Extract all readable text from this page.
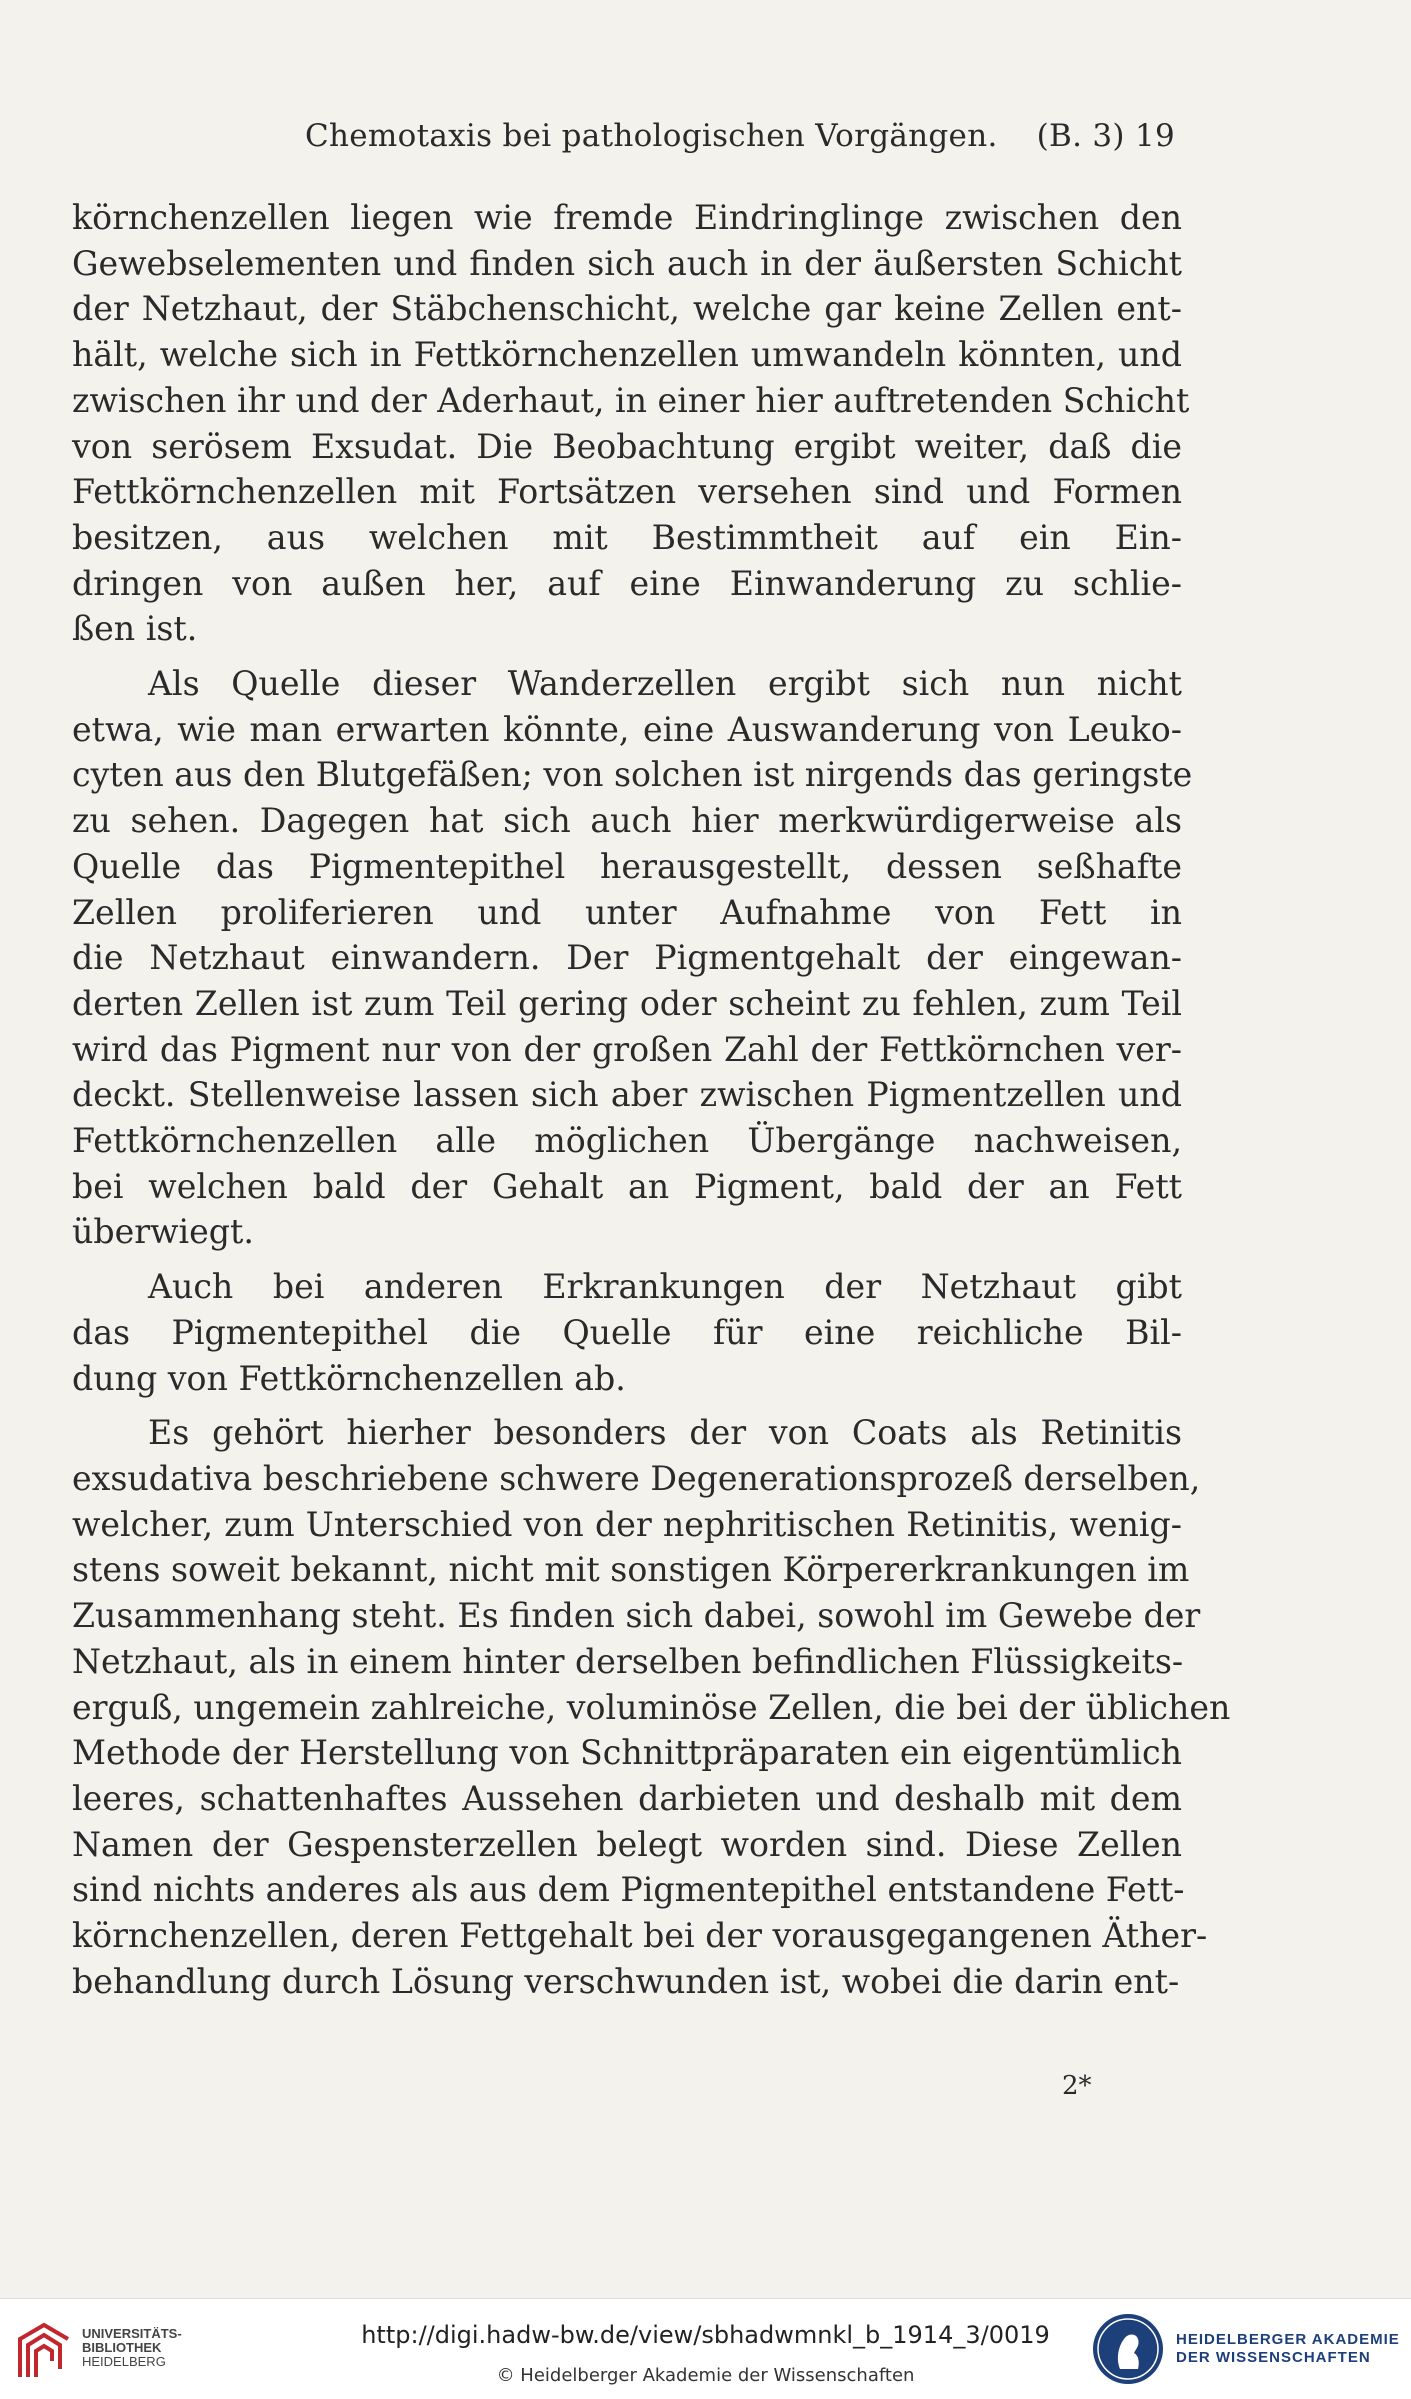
Chemotaxis bei pathologischen Vorgängen. (B. 3) 19

körnchenzellen liegen wie fremde Eindringlinge zwischen den
Gewebselementen und finden sich auch in der äußersten Schicht
der Netzhaut, der Stäbchenschicht, welche gar keine Zellen ent-
hält, welche sich in Fettkörnchenzellen umwandeln könnten, und
zwischen ihr und der Aderhaut, in einer hier auftretenden Schicht
von serösem Exsudat. Die Beobachtung ergibt weiter, daß die
Fettkörnchenzellen mit Fortsätzen versehen sind und Formen
besitzen, aus welchen mit Bestimmtheit auf ein Ein-
dringen von außen her, auf eine Einwanderung zu schlie-
ßen ist.

Als Quelle dieser Wanderzellen ergibt sich nun nicht
etwa, wie man erwarten könnte, eine Auswanderung von Leuko-
cyten aus den Blutgefäßen; von solchen ist nirgends das geringste
zu sehen. Dagegen hat sich auch hier merkwürdigerweise als
Quelle das Pigmentepithel herausgestellt, dessen seßhafte
Zellen proliferieren und unter Aufnahme von Fett in
die Netzhaut einwandern. Der Pigmentgehalt der eingewan-
derten Zellen ist zum Teil gering oder scheint zu fehlen, zum Teil
wird das Pigment nur von der großen Zahl der Fettkörnchen ver-
deckt. Stellenweise lassen sich aber zwischen Pigmentzellen und
Fettkörnchenzellen alle möglichen Übergänge nachweisen,
bei welchen bald der Gehalt an Pigment, bald der an Fett
überwiegt.

Auch bei anderen Erkrankungen der Netzhaut gibt
das Pigmentepithel die Quelle für eine reichliche Bil-
dung von Fettkörnchenzellen ab.

Es gehört hierher besonders der von Coats als Retinitis
exsudativa beschriebene schwere Degenerationsprozeß derselben,
welcher, zum Unterschied von der nephritischen Retinitis, wenig-
stens soweit bekannt, nicht mit sonstigen Körpererkrankungen im
Zusammenhang steht. Es finden sich dabei, sowohl im Gewebe der
Netzhaut, als in einem hinter derselben befindlichen Flüssigkeits-
erguß, ungemein zahlreiche, voluminöse Zellen, die bei der üblichen
Methode der Herstellung von Schnittpräparaten ein eigentümlich
leeres, schattenhaftes Aussehen darbieten und deshalb mit dem
Namen der Gespensterzellen belegt worden sind. Diese Zellen
sind nichts anderes als aus dem Pigmentepithel entstandene Fett-
körnchenzellen, deren Fettgehalt bei der vorausgegangenen Äther-
behandlung durch Lösung verschwunden ist, wobei die darin ent-

2*
UNIVERSITÄTS-
BIBLIOTHEK
HEIDELBERG
http://digi.hadw-bw.de/view/sbhadwmnkl_b_1914_3/0019
© Heidelberger Akademie der Wissenschaften
HEIDELBERGER AKADEMIE
DER WISSENSCHAFTEN
